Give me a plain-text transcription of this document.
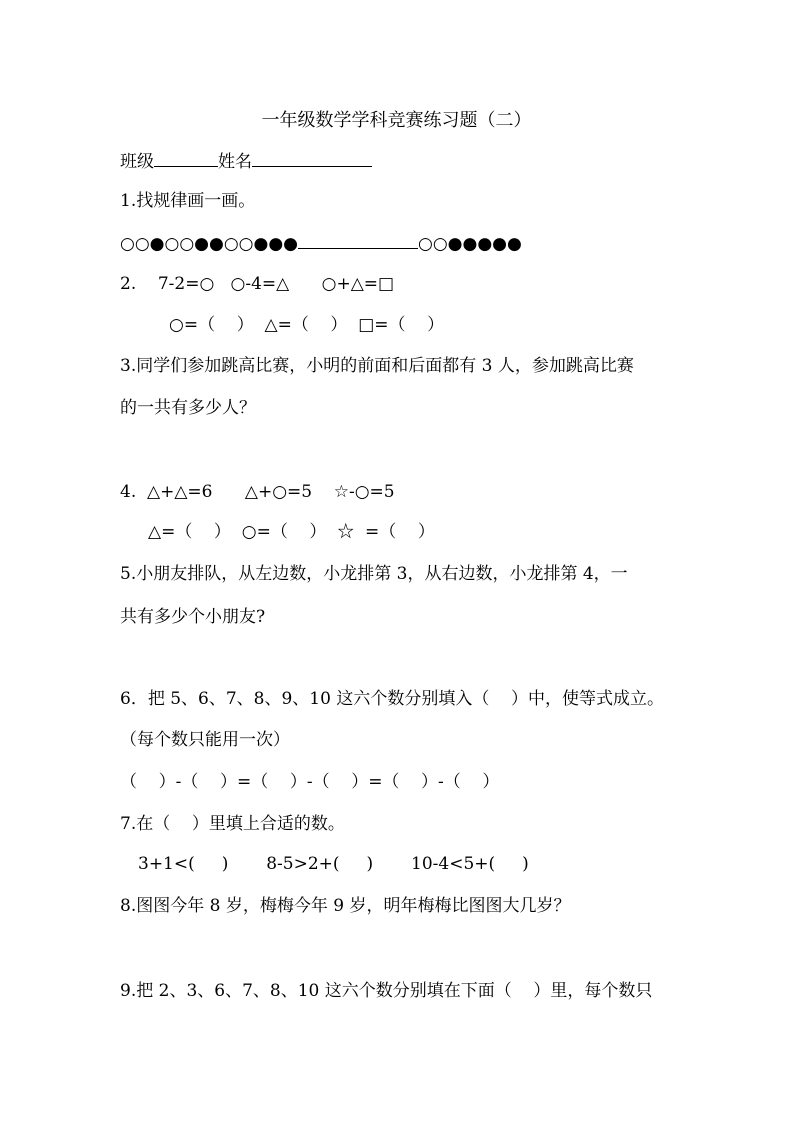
一年级数学学科竞赛练习题（二）
班级	姓名
1.找规律画一画。
○○●○○●●○○●●●	○○●●●●●
2.    7-2=○   ○-4=△      ○+△=□
○=（    ）  △=（    ）  □=（    ）
3.同学们参加跳高比赛，小明的前面和后面都有 3 人，参加跳高比赛
的一共有多少人？
4.  △+△=6      △+○=5    ☆-○=5
△=（    ）  ○=（    ）  ☆  =（    ）
5.小朋友排队，从左边数，小龙排第 3，从右边数，小龙排第 4，一
共有多少个小朋友?
6．把 5、6、7、8、9、10 这六个数分别填入（    ）中，使等式成立。
（每个数只能用一次）
（    ）-（    ）=（    ）-（    ）=（    ）-（    ）
7.在（    ）里填上合适的数。
3+1<(     )       8-5>2+(     )       10-4<5+(     )
8.图图今年 8 岁，梅梅今年 9 岁，明年梅梅比图图大几岁？
9.把 2、3、6、7、8、10 这六个数分别填在下面（    ）里，每个数只
